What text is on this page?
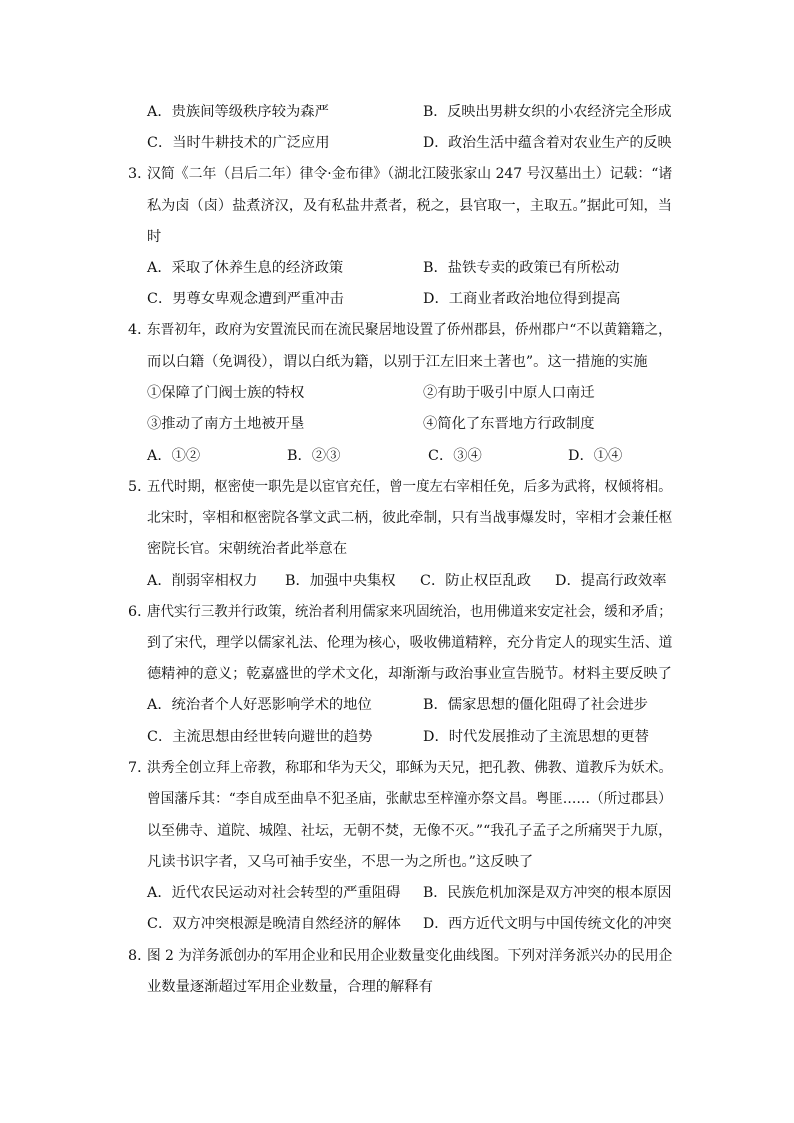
A．贵族间等级秩序较为森严	B．反映出男耕女织的小农经济完全形成
C．当时牛耕技术的广泛应用	D．政治生活中蕴含着对农业生产的反映
3．
汉简《二年（吕后二年）律令·金布律》（湖北江陵张家山 247 号汉墓出土）记载：“诸
私为卤（卤）盐煮济汉，及有私盐井煮者，税之，县官取一，主取五。”据此可知，当
时
A．采取了休养生息的经济政策	B．盐铁专卖的政策已有所松动
C．男尊女卑观念遭到严重冲击	D．工商业者政治地位得到提高
4．
东晋初年，政府为安置流民而在流民聚居地设置了侨州郡县，侨州郡户“不以黄籍籍之，
而以白籍（免调役），谓以白纸为籍，以别于江左旧来土著也”。这一措施的实施
①保障了门阀士族的特权	②有助于吸引中原人口南迁
③推动了南方土地被开垦	④简化了东晋地方行政制度
A．①②	B．②③	C．③④	D．①④
5．
五代时期，枢密使一职先是以宦官充任，曾一度左右宰相任免，后多为武将，权倾将相。
北宋时，宰相和枢密院各掌文武二柄，彼此牵制，只有当战事爆发时，宰相才会兼任枢
密院长官。宋朝统治者此举意在
A．削弱宰相权力 B．加强中央集权 C．防止权臣乱政 D．提高行政效率
6．
唐代实行三教并行政策，统治者利用儒家来巩固统治，也用佛道来安定社会，缓和矛盾；
到了宋代，理学以儒家礼法、伦理为核心，吸收佛道精粹，充分肯定人的现实生活、道
德精神的意义；乾嘉盛世的学术文化，却渐渐与政治事业宣告脱节。材料主要反映了
A．统治者个人好恶影响学术的地位	B．儒家思想的僵化阻碍了社会进步
C．主流思想由经世转向避世的趋势	D．时代发展推动了主流思想的更替
7．
洪秀全创立拜上帝教，称耶和华为天父，耶稣为天兄，把孔教、佛教、道教斥为妖术。
曾国藩斥其：“李自成至曲阜不犯圣庙，张献忠至梓潼亦祭文昌。粤匪……（所过郡县）
以至佛寺、道院、城隍、社坛，无朝不焚，无像不灭。”“我孔子孟子之所痛哭于九原，
凡读书识字者，又乌可袖手安坐，不思一为之所也。”这反映了
A．近代农民运动对社会转型的严重阻碍 B．民族危机加深是双方冲突的根本原因
C．双方冲突根源是晚清自然经济的解体 D．西方近代文明与中国传统文化的冲突
8．
图 2 为洋务派创办的军用企业和民用企业数量变化曲线图。下列对洋务派兴办的民用企
业数量逐渐超过军用企业数量，合理的解释有
